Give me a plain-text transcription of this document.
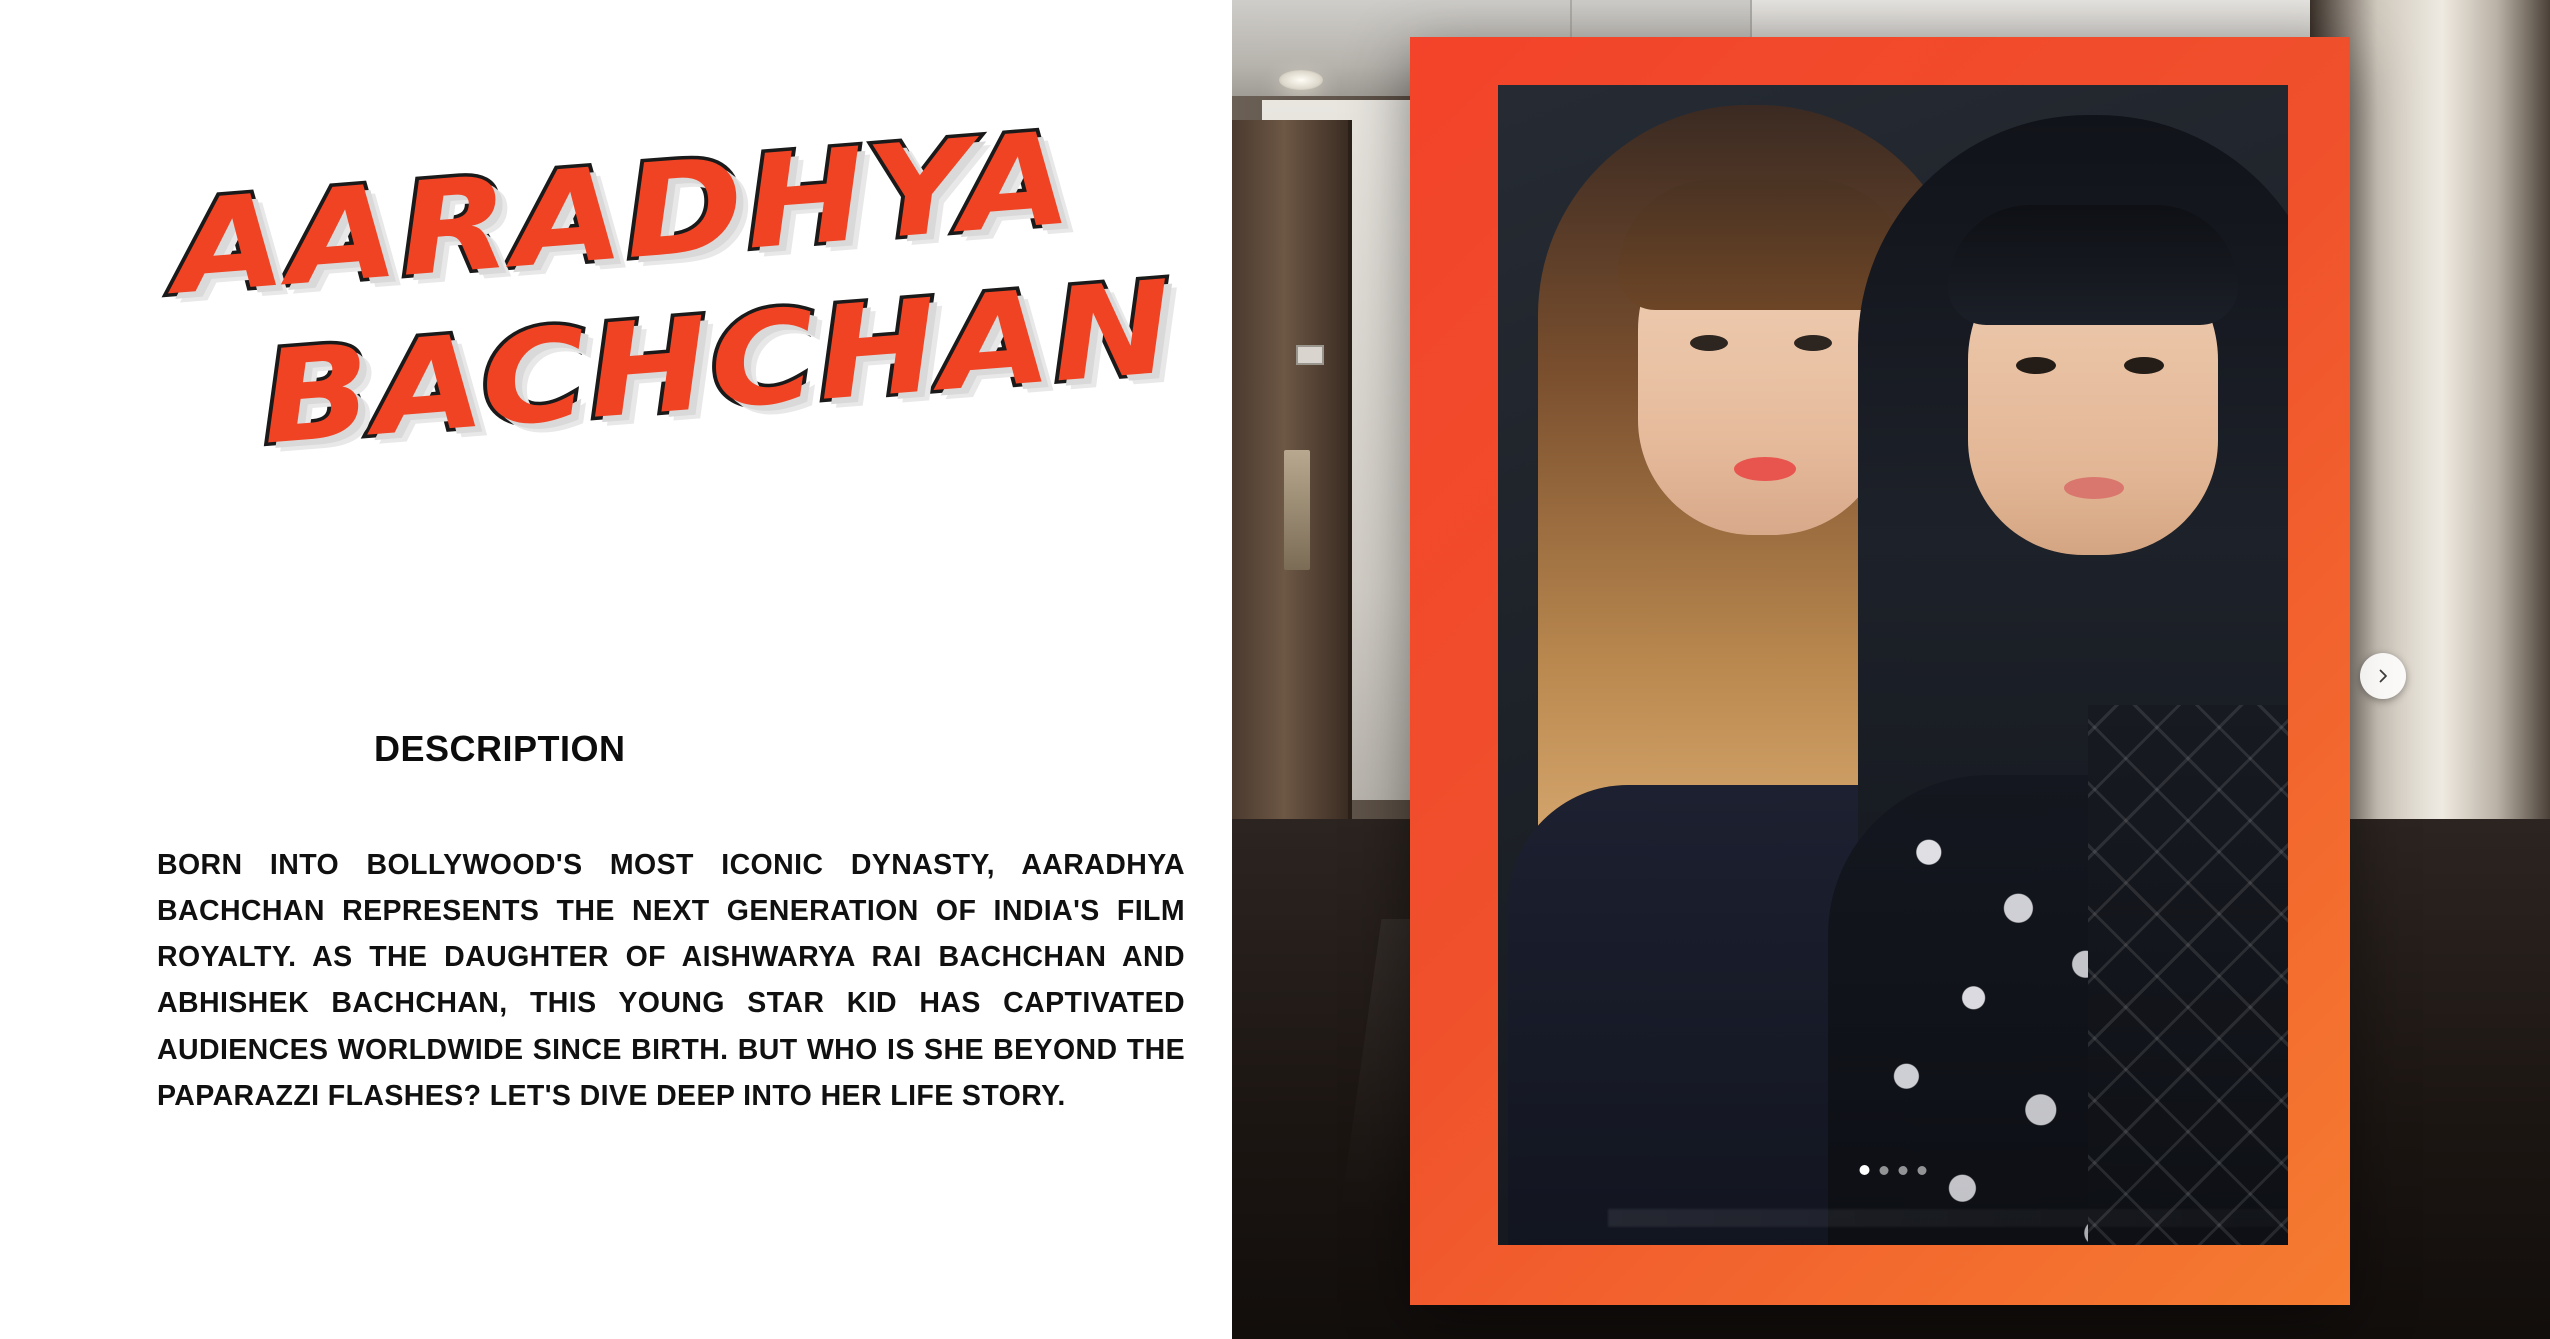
AARADHYA
BACHCHAN
DESCRIPTION
BORN INTO BOLLYWOOD'S MOST ICONIC DYNASTY, AARADHYA BACHCHAN REPRESENTS THE NEXT GENERATION OF INDIA'S FILM ROYALTY. AS THE DAUGHTER OF AISHWARYA RAI BACHCHAN AND ABHISHEK BACHCHAN, THIS YOUNG STAR KID HAS CAPTIVATED AUDIENCES WORLDWIDE SINCE BIRTH. BUT WHO IS SHE BEYOND THE PAPARAZZI FLASHES? LET'S DIVE DEEP INTO HER LIFE STORY.
